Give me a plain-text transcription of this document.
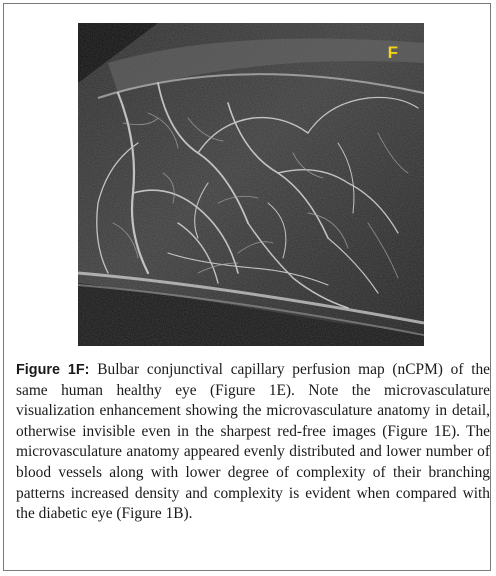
F

Figure 1F: Bulbar conjunctival capillary perfusion map (nCPM) of the same human healthy eye (Figure 1E). Note the microvasculature visualization enhancement showing the microvasculature anatomy in detail, otherwise invisible even in the sharpest red-free images (Figure 1E). The microvasculature anatomy appeared evenly distributed and lower number of blood vessels along with lower degree of complexity of their branching patterns increased density and complexity is evident when compared with the diabetic eye (Figure 1B).
